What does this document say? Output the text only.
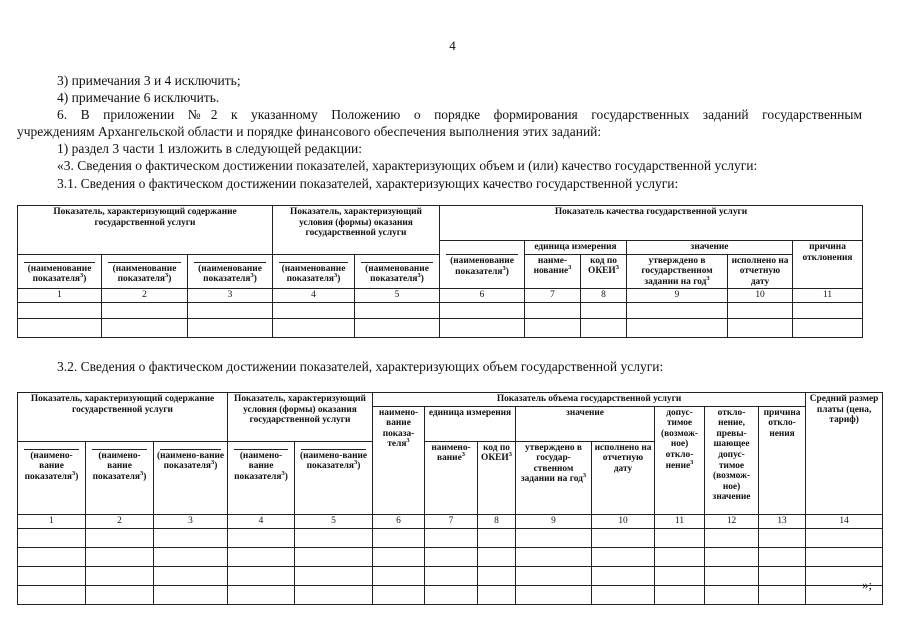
4
3) примечания 3 и 4 исключить;
4) примечание 6 исключить.
6. В приложении №2 к указанному Положению о порядке формирования государственных заданий государственным
учреждениям Архангельской области и порядке финансового обеспечения выполнения этих заданий:
1) раздел 3 части 1 изложить в следующей редакции:
«3. Сведения о фактическом достижении показателей, характеризующих объем и (или) качество государственной услуги:
3.1. Сведения о фактическом достижении показателей, характеризующих качество государственной услуги:
Показатель, характеризующий содержание государственной услуги			Показатель, характеризующий условия (формы) оказания государственной услуги		Показатель качества государственной услуги					

(наименование показателя$^3$)	единица измерения		значение		причина отклонения

(наименование показателя$^3$)	(наименование показателя$^3$)	(наименование показателя$^3$)	(наименование показателя$^3$)	(наименование показателя$^3$)		наиме-нование$^3$	код по ОКЕИ$^3$	утверждено в государственном задании на год$^3$	исполнено на отчетную дату	
1	2	3	4	5	6	7	8	9	10	11

3.2. Сведения о фактическом достижении показателей, характеризующих объем государственной услуги:
Показатель, характеризующий содержание государственной услуги			Показатель, характеризующий условия (формы) оказания государственной услуги		Показатель объема государственной услуги								Средний размер платы (цена, тариф)
					наимено-вание показа-теля$^3$	единица измерения		значение		допус-тимое (возмож-ное) откло-нение$^3$	откло-нение, превы-шающее допус-тимое (возмож-ное) значение	причина откло-нения	

(наимено-вание показателя$^3$)	(наимено-вание показателя$^3$)	(наимено-вание показателя$^3$)	(наимено-вание показателя$^3$)	(наимено-вание показателя$^3$)		наимено-вание$^3$	код по ОКЕИ$^3$	утверждено в государ-ственном задании на год$^3$	исполнено на отчетную дату				
1	2	3	4	5	6	7	8	9	10	11	12	13	14

»;
